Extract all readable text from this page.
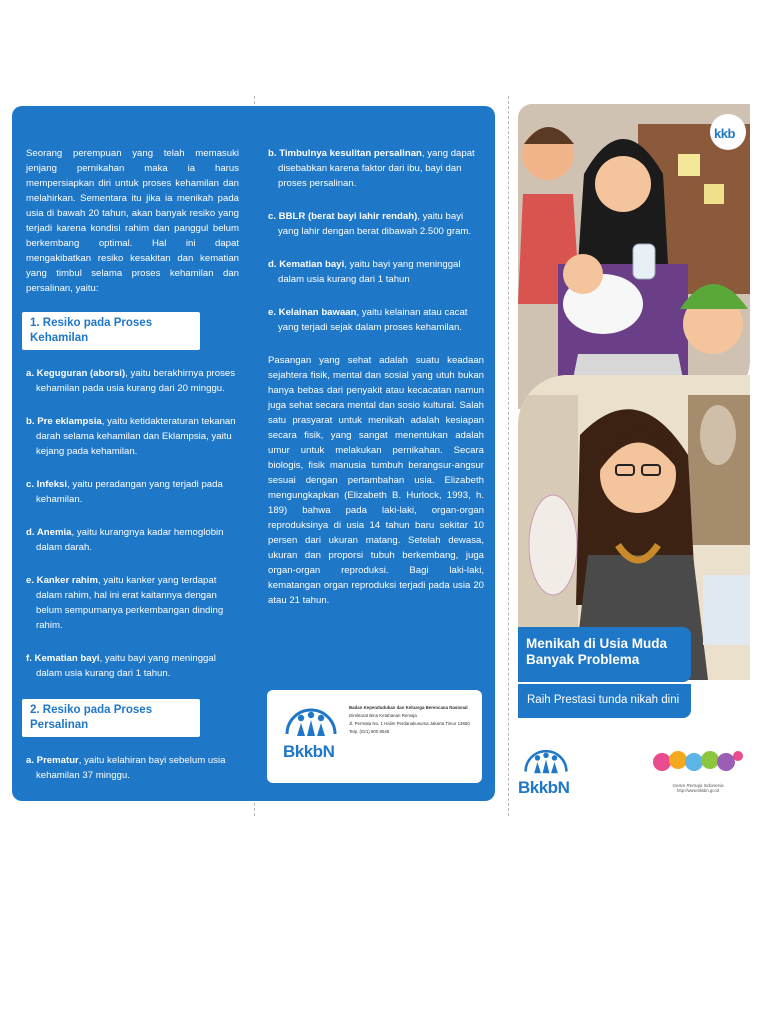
Seorang perempuan yang telah memasuki jenjang pernikahan maka ia harus mempersiapkan diri untuk proses kehamilan dan melahirkan. Sementara itu jika ia menikah pada usia di bawah 20 tahun, akan banyak resiko yang terjadi karena kondisi rahim dan panggul belum berkembang optimal. Hal ini dapat mengakibatkan resiko kesakitan dan kematian yang timbul selama proses kehamilan dan persalinan, yaitu:

1. Resiko pada Proses Kehamilan
a. Keguguran (aborsi), yaitu berakhirnya proses kehamilan pada usia kurang dari 20 minggu.
b. Pre eklampsia, yaitu ketidakteraturan tekanan darah selama kehamilan dan Eklampsia, yaitu kejang pada kehamilan.
c. Infeksi, yaitu peradangan yang terjadi pada kehamilan.
d. Anemia, yaitu kurangnya kadar hemoglobin dalam darah.
e. Kanker rahim, yaitu kanker yang terdapat dalam rahim, hal ini erat kaitannya dengan belum sempurnanya perkembangan dinding rahim.
f. Kematian bayi, yaitu bayi yang meninggal dalam usia kurang dari 1 tahun.
2. Resiko pada Proses Persalinan
a. Prematur, yaitu kelahiran bayi sebelum usia kehamilan 37 minggu.
b. Timbulnya kesulitan persalinan, yang dapat disebabkan karena faktor dari ibu, bayi dan proses persalinan.
c. BBLR (berat bayi lahir rendah), yaitu bayi yang lahir dengan berat dibawah 2.500 gram.
d. Kematian bayi, yaitu bayi yang meninggal dalam usia kurang dari 1 tahun
e. Kelainan bawaan, yaitu kelainan atau cacat yang terjadi sejak dalam proses kehamilan.

Pasangan yang sehat adalah suatu keadaan sejahtera fisik, mental dan sosial yang utuh bukan hanya bebas dari penyakit atau kecacatan namun juga sehat secara mental dan sosio kultural. Salah satu prasyarat untuk menikah adalah kesiapan secara fisik, yang sangat menentukan adalah umur untuk melakukan pernikahan. Secara biologis, fisik manusia tumbuh berangsur-angsur sesuai dengan pertambahan usia. Elizabeth mengungkapkan (Elizabeth B. Hurlock, 1993, h. 189) bahwa pada laki-laki, organ-organ reproduksinya di usia 14 tahun baru sekitar 10 persen dari ukuran matang. Setelah dewasa, ukuran dan proporsi tubuh berkembang, juga organ-organ reproduksi. Bagi laki-laki, kematangan organ reproduksi terjadi pada usia 20 atau 21 tahun.

BkkbN
Badan Kependudukan dan Keluarga Berencana Nasional
Direktorat Bina Ketahanan Remaja
Jl. Permata No. 1 Halim Perdanakusuma Jakarta Timur 13650
Telp. (021) 800 8548
kkb
Menikah di Usia Muda
Banyak Problema
Raih Prestasi tunda nikah dini
BkkbN	Genre Remaja Indonesia
http://www.bkkbn.go.id
